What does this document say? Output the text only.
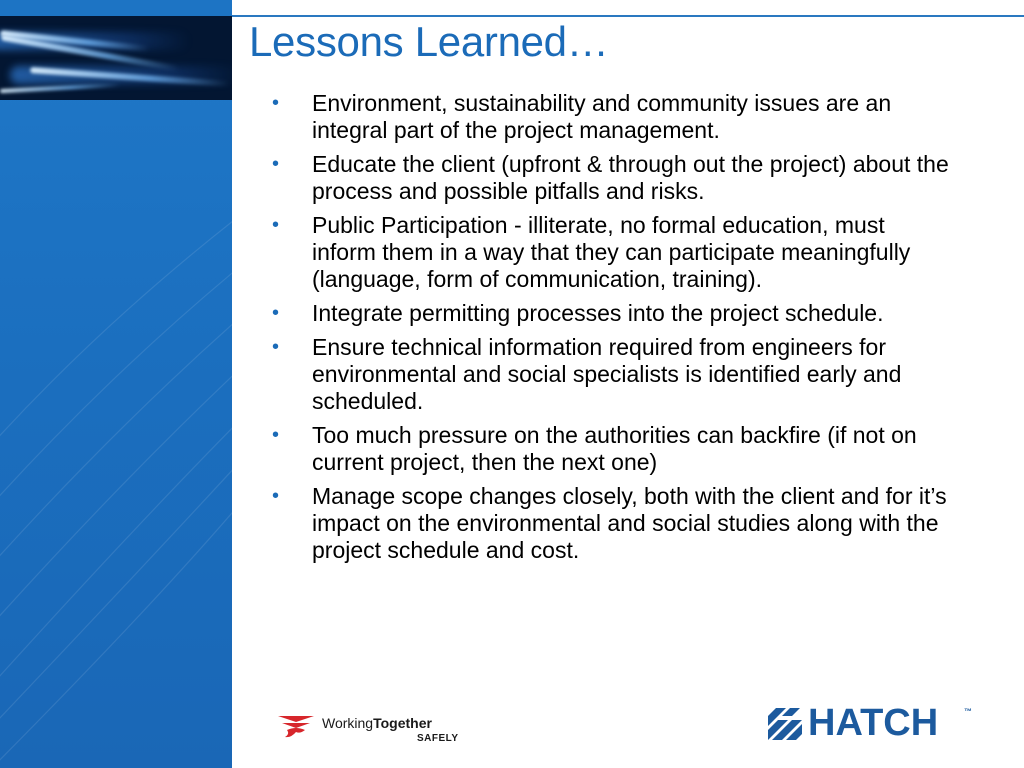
Lessons Learned…
• Environment, sustainability and community issues are an integral part of the project management.
• Educate the client (upfront & through out the project) about the process and possible pitfalls and risks.
• Public Participation - illiterate, no formal education, must inform them in a way that they can participate meaningfully (language, form of communication, training).
• Integrate permitting processes into the project schedule.
• Ensure technical information required from engineers for environmental and social specialists is identified early and scheduled.
• Too much pressure on the authorities can backfire (if not on current project, then the next one)
• Manage scope changes closely, both with the client and for it’s impact on the environmental and social studies along with the project schedule and cost.
WorkingTogether
SAFELY	HATCH	™
